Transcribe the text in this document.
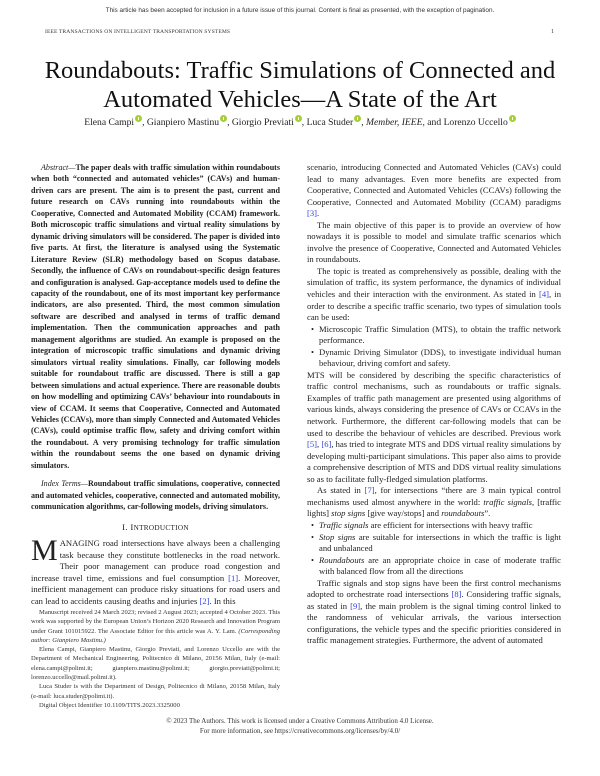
This article has been accepted for inclusion in a future issue of this journal. Content is final as presented, with the exception of pagination.
IEEE TRANSACTIONS ON INTELLIGENT TRANSPORTATION SYSTEMS	1
Roundabouts: Traffic Simulations of Connected and
Automated Vehicles—A State of the Art
Elena Campi , Gianpiero Mastinu , Giorgio Previati , Luca Studer , Member, IEEE, and Lorenzo Uccello

Abstract—The paper deals with traffic simulation within roundabouts when both “connected and automated vehicles” (CAVs) and human-driven cars are present. The aim is to present the past, current and future research on CAVs running into roundabouts within the Cooperative, Connected and Automated Mobility (CCAM) framework. Both microscopic traffic simulations and virtual reality simulations by dynamic driving simulators will be considered. The paper is divided into five parts. At first, the literature is analysed using the Systematic Literature Review (SLR) methodology based on Scopus database. Secondly, the influence of CAVs on roundabout-specific design features and configuration is analysed. Gap-acceptance models used to define the capacity of the roundabout, one of its most important key performance indicators, are also presented. Third, the most common simulation software are described and analysed in terms of traffic demand implementation. Then the communication approaches and path management algorithms are studied. An example is proposed on the integration of microscopic traffic simulations and dynamic driving simulators virtual reality simulations. Finally, car following models suitable for roundabout traffic are discussed. There is still a gap between simulations and actual experience. There are reasonable doubts on how modelling and optimizing CAVs’ behaviour into roundabouts in view of CCAM. It seems that Cooperative, Connected and Automated Vehicles (CCAVs), more than simply Connected and Automated Vehicles (CAVs), could optimise traffic flow, safety and driving comfort within the roundabout. A very promising technology for traffic simulation within the roundabout seems the one based on dynamic driving simulators.

Index Terms—Roundabout traffic simulations, cooperative, connected and automated vehicles, cooperative, connected and automated mobility, communication algorithms, car-following models, driving simulators.

I. INTRODUCTION

MANAGING road intersections have always been a challenging task because they constitute bottlenecks in the road network. Their poor management can produce road congestion and increase travel time, emissions and fuel consumption [1]. Moreover, inefficient management can produce risky situations for road users and can lead to accidents causing deaths and injuries [2]. In this

Manuscript received 24 March 2023; revised 2 August 2023; accepted 4 October 2023. This work was supported by the European Union’s Horizon 2020 Research and Innovation Program under Grant 101015922. The Associate Editor for this article was A. Y. Lam. (Corresponding author: Gianpiero Mastinu.)

Elena Campi, Gianpiero Mastinu, Giorgio Previati, and Lorenzo Uccello are with the Department of Mechanical Engineering, Politecnico di Milano, 20156 Milan, Italy (e-mail: elena.campi@polimi.it; gianpiero.mastinu@polimi.it; giorgio.previati@polimi.it; lorenzo.uccello@mail.polimi.it).

Luca Studer is with the Department of Design, Politecnico di Milano, 20158 Milan, Italy (e-mail: luca.studer@polimi.it).

Digital Object Identifier 10.1109/TITS.2023.3325000

scenario, introducing Connected and Automated Vehicles (CAVs) could lead to many advantages. Even more benefits are expected from Cooperative, Connected and Automated Vehicles (CCAVs) following the Cooperative, Connected and Automated Mobility (CCAM) paradigms [3].

The main objective of this paper is to provide an overview of how nowadays it is possible to model and simulate traffic scenarios which involve the presence of Cooperative, Connected and Automated Vehicles in roundabouts.

The topic is treated as comprehensively as possible, dealing with the simulation of traffic, its system performance, the dynamics of individual vehicles and their interaction with the environment. As stated in [4], in order to describe a specific traffic scenario, two types of simulation tools can be used:

• Microscopic Traffic Simulation (MTS), to obtain the traffic network performance.
• Dynamic Driving Simulator (DDS), to investigate individual human behaviour, driving comfort and safety.

MTS will be considered by describing the specific characteristics of traffic control mechanisms, such as roundabouts or traffic signals. Examples of traffic path management are presented using algorithms of various kinds, always considering the presence of CAVs or CCAVs in the network. Furthermore, the different car-following models that can be used to describe the behaviour of vehicles are described. Previous work [5], [6], has tried to integrate MTS and DDS virtual reality simulations by developing multi-participant simulations. This paper also aims to provide a comprehensive description of MTS and DDS virtual reality simulations so as to facilitate fully-fledged simulation platforms.

As stated in [7], for intersections “there are 3 main typical control mechanisms used almost anywhere in the world: traffic signals, [traffic lights] stop signs [give way/stops] and roundabouts”.

• Traffic signals are efficient for intersections with heavy traffic
• Stop signs are suitable for intersections in which the traffic is light and unbalanced
• Roundabouts are an appropriate choice in case of moderate traffic with balanced flow from all the directions

Traffic signals and stop signs have been the first control mechanisms adopted to orchestrate road intersections [8]. Considering traffic signals, as stated in [9], the main problem is the signal timing control linked to the randomness of vehicular arrivals, the various intersection configurations, the vehicle types and the specific priorities considered in traffic management strategies. Furthermore, the advent of automated

© 2023 The Authors. This work is licensed under a Creative Commons Attribution 4.0 License.
For more information, see https://creativecommons.org/licenses/by/4.0/
